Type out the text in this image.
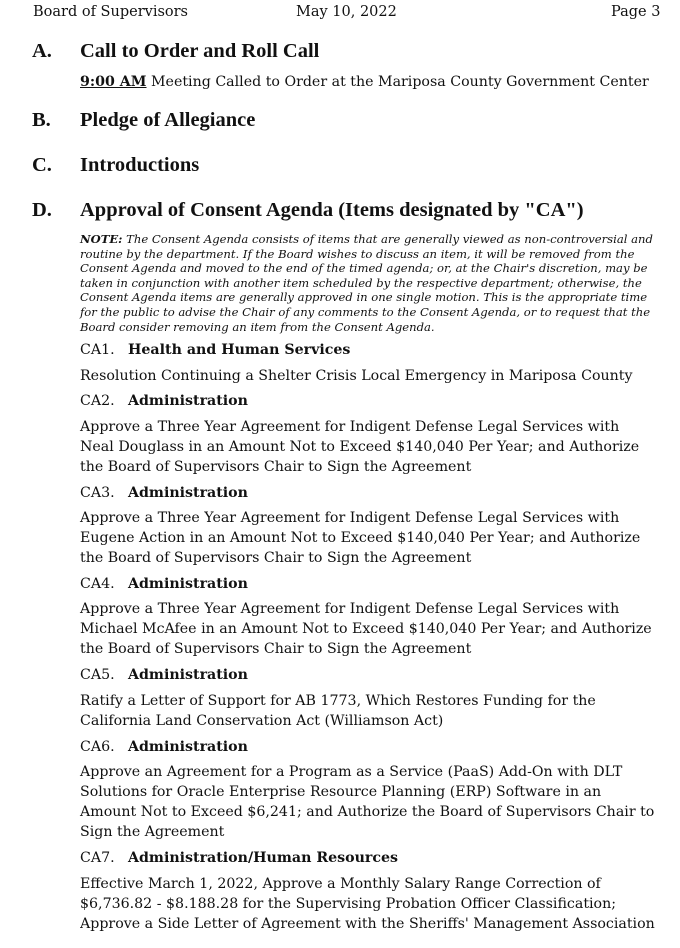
Board of Supervisors	May 10, 2022	Page 3
A. Call to Order and Roll Call
9:00 AM Meeting Called to Order at the Mariposa County Government Center
B. Pledge of Allegiance
C. Introductions
D. Approval of Consent Agenda (Items designated by "CA")
NOTE: The Consent Agenda consists of items that are generally viewed as non-controversial and routine by the department. If the Board wishes to discuss an item, it will be removed from the Consent Agenda and moved to the end of the timed agenda; or, at the Chair's discretion, may be taken in conjunction with another item scheduled by the respective department; otherwise, the Consent Agenda items are generally approved in one single motion. This is the appropriate time for the public to advise the Chair of any comments to the Consent Agenda, or to request that the Board consider removing an item from the Consent Agenda.
CA1. Health and Human Services
Resolution Continuing a Shelter Crisis Local Emergency in Mariposa County
CA2. Administration
Approve a Three Year Agreement for Indigent Defense Legal Services with Neal Douglass in an Amount Not to Exceed $140,040 Per Year; and Authorize the Board of Supervisors Chair to Sign the Agreement
CA3. Administration
Approve a Three Year Agreement for Indigent Defense Legal Services with Eugene Action in an Amount Not to Exceed $140,040 Per Year; and Authorize the Board of Supervisors Chair to Sign the Agreement
CA4. Administration
Approve a Three Year Agreement for Indigent Defense Legal Services with Michael McAfee in an Amount Not to Exceed $140,040 Per Year; and Authorize the Board of Supervisors Chair to Sign the Agreement
CA5. Administration
Ratify a Letter of Support for AB 1773, Which Restores Funding for the California Land Conservation Act (Williamson Act)
CA6. Administration
Approve an Agreement for a Program as a Service (PaaS) Add-On with DLT Solutions for Oracle Enterprise Resource Planning (ERP) Software in an Amount Not to Exceed $6,241; and Authorize the Board of Supervisors Chair to Sign the Agreement
CA7. Administration/Human Resources
Effective March 1, 2022, Approve a Monthly Salary Range Correction of $6,736.82 - $8.188.28 for the Supervising Probation Officer Classification; Approve a Side Letter of Agreement with the Sheriffs' Management Association
